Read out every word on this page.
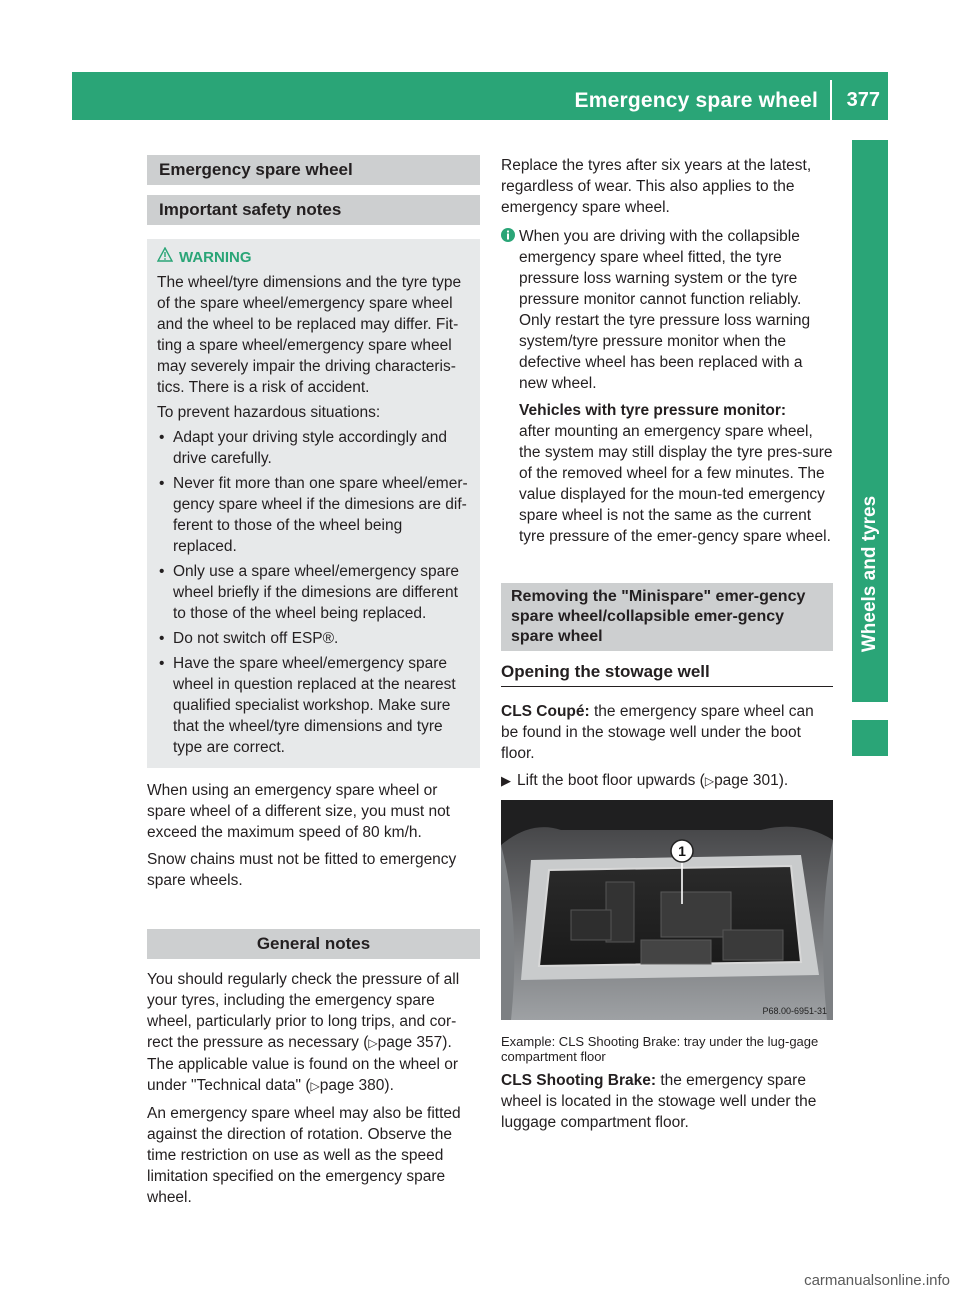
Emergency spare wheel 377
Wheels and tyres
Emergency spare wheel
Important safety notes
WARNING

The wheel/tyre dimensions and the tyre type of the spare wheel/emergency spare wheel and the wheel to be replaced may differ. Fit-ting a spare wheel/emergency spare wheel may severely impair the driving characteris-tics. There is a risk of accident.

To prevent hazardous situations:

• Adapt your driving style accordingly and drive carefully.
• Never fit more than one spare wheel/emer-gency spare wheel if the dimesions are dif-ferent to those of the wheel being replaced.
• Only use a spare wheel/emergency spare wheel briefly if the dimesions are different to those of the wheel being replaced.
• Do not switch off ESP®.
• Have the spare wheel/emergency spare wheel in question replaced at the nearest qualified specialist workshop. Make sure that the wheel/tyre dimensions and tyre type are correct.

When using an emergency spare wheel or spare wheel of a different size, you must not exceed the maximum speed of 80 km/h.

Snow chains must not be fitted to emergency spare wheels.

General notes

You should regularly check the pressure of all your tyres, including the emergency spare wheel, particularly prior to long trips, and cor-rect the pressure as necessary (▷page 357). The applicable value is found on the wheel or under "Technical data" (▷page 380).

An emergency spare wheel may also be fitted against the direction of rotation. Observe the time restriction on use as well as the speed limitation specified on the emergency spare wheel.

Replace the tyres after six years at the latest, regardless of wear. This also applies to the emergency spare wheel.

When you are driving with the collapsible emergency spare wheel fitted, the tyre pressure loss warning system or the tyre pressure monitor cannot function reliably. Only restart the tyre pressure loss warning system/tyre pressure monitor when the defective wheel has been replaced with a new wheel.

Vehicles with tyre pressure monitor:

after mounting an emergency spare wheel, the system may still display the tyre pres-sure of the removed wheel for a few minutes. The value displayed for the moun-ted emergency spare wheel is not the same as the current tyre pressure of the emer-gency spare wheel.

Removing the "Minispare" emer-gency spare wheel/collapsible emer-gency spare wheel
Opening the stowage well

CLS Coupé: the emergency spare wheel can be found in the stowage well under the boot floor.

▶ Lift the boot floor upwards (▷page 301).
1
P68.00-6951-31
Example: CLS Shooting Brake: tray under the lug-gage compartment floor

CLS Shooting Brake: the emergency spare wheel is located in the stowage well under the luggage compartment floor.

carmanualsonline.info
